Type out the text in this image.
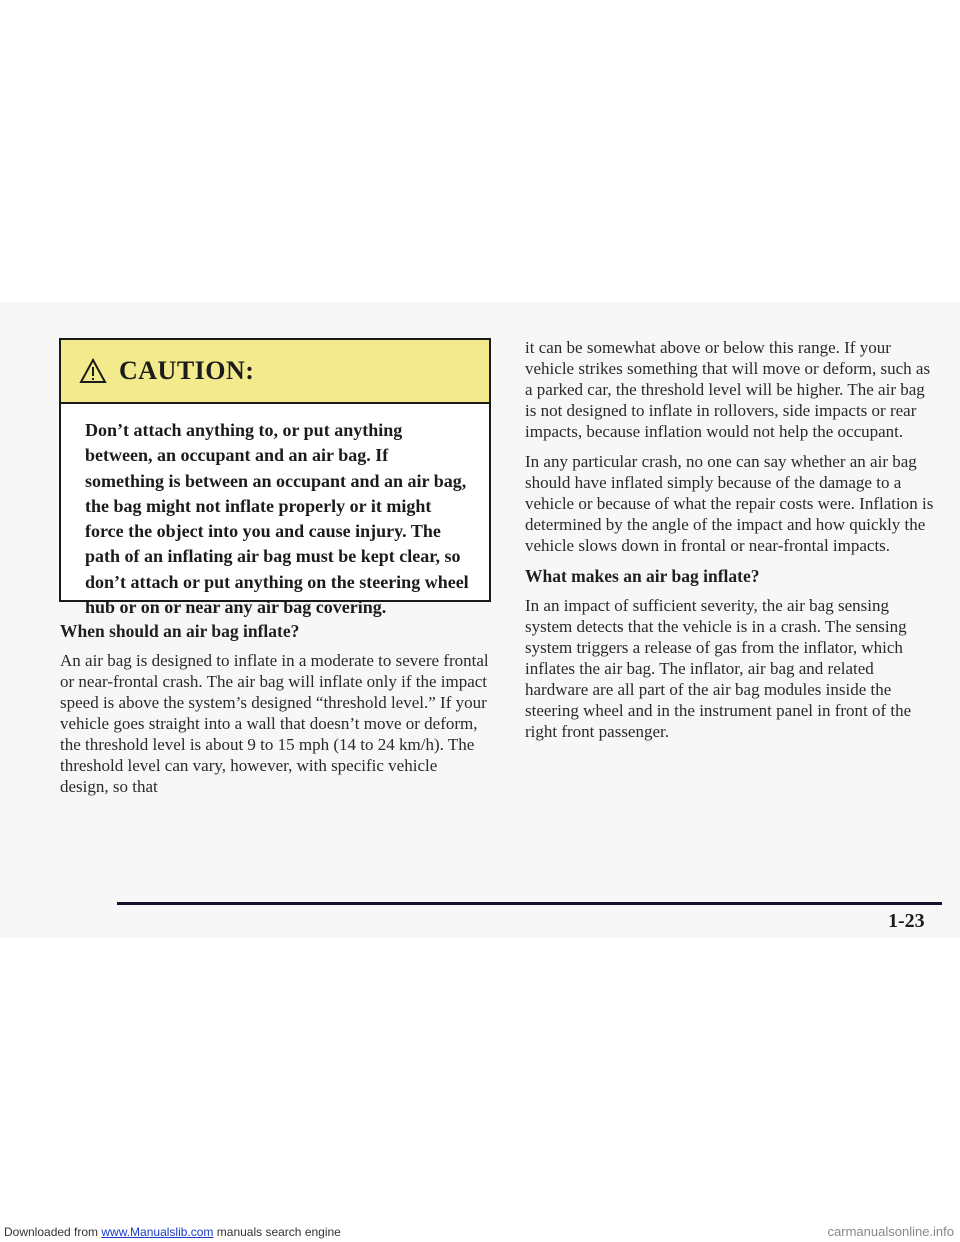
CAUTION:
Don’t attach anything to, or put anything between, an occupant and an air bag. If something is between an occupant and an air bag, the bag might not inflate properly or it might force the object into you and cause injury. The path of an inflating air bag must be kept clear, so don’t attach or put anything on the steering wheel hub or on or near any air bag covering.

When should an air bag inflate?

An air bag is designed to inflate in a moderate to severe frontal or near-frontal crash. The air bag will inflate only if the impact speed is above the system’s designed “threshold level.” If your vehicle goes straight into a wall that doesn’t move or deform, the threshold level is about 9 to 15 mph (14 to 24 km/h). The threshold level can vary, however, with specific vehicle design, so that

it can be somewhat above or below this range. If your vehicle strikes something that will move or deform, such as a parked car, the threshold level will be higher. The air bag is not designed to inflate in rollovers, side impacts or rear impacts, because inflation would not help the occupant.

In any particular crash, no one can say whether an air bag should have inflated simply because of the damage to a vehicle or because of what the repair costs were. Inflation is determined by the angle of the impact and how quickly the vehicle slows down in frontal or near-frontal impacts.

What makes an air bag inflate?

In an impact of sufficient severity, the air bag sensing system detects that the vehicle is in a crash. The sensing system triggers a release of gas from the inflator, which inflates the air bag. The inflator, air bag and related hardware are all part of the air bag modules inside the steering wheel and in the instrument panel in front of the right front passenger.

1-23
Downloaded from www.Manualslib.com manuals search engine	carmanualsonline.info
